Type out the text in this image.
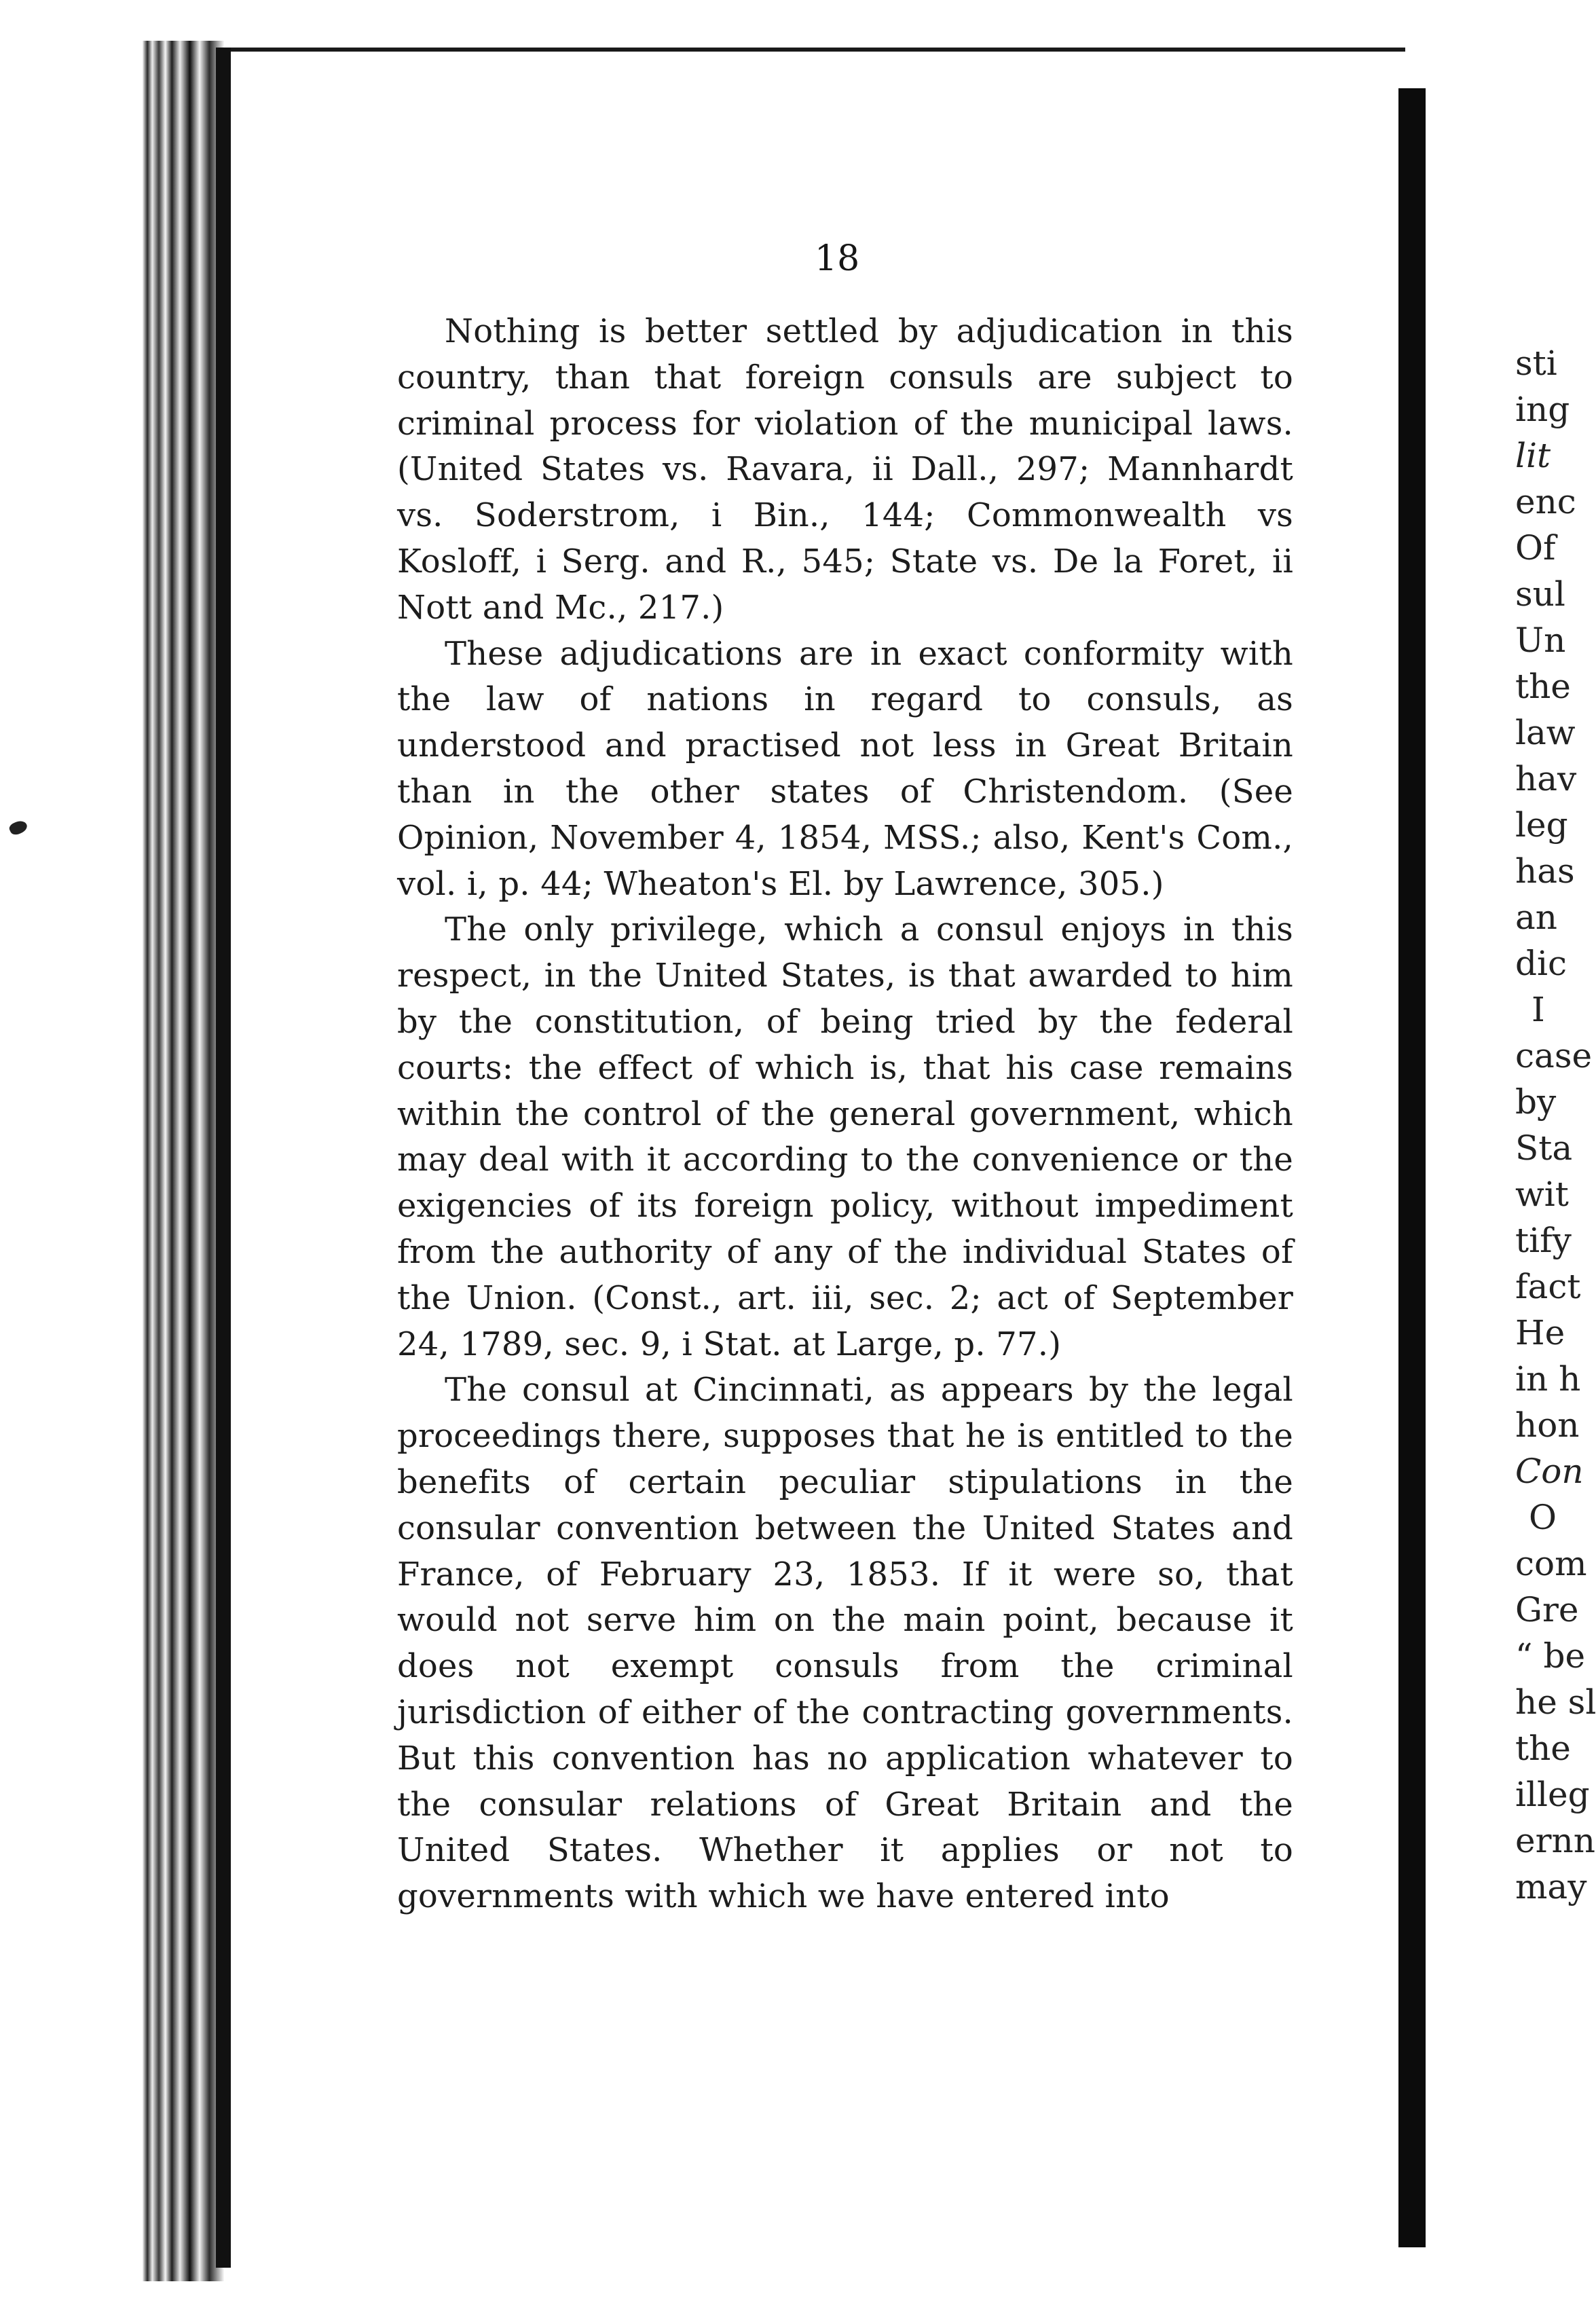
18

Nothing is better settled by adjudication in this country, than that foreign consuls are subject to criminal process for violation of the municipal laws. (United States vs. Ravara, ii Dall., 297; Mannhardt vs. Soderstrom, i Bin., 144; Commonwealth vs Kosloff, i Serg. and R., 545; State vs. De la Foret, ii Nott and Mc., 217.)

These adjudications are in exact conformity with the law of nations in regard to consuls, as understood and practised not less in Great Britain than in the other states of Christendom. (See Opinion, November 4, 1854, MSS.; also, Kent's Com., vol. i, p. 44; Wheaton's El. by Lawrence, 305.)

The only privilege, which a consul enjoys in this respect, in the United States, is that awarded to him by the constitution, of being tried by the federal courts: the effect of which is, that his case remains within the control of the general government, which may deal with it according to the convenience or the exigencies of its foreign policy, without impediment from the authority of any of the individual States of the Union. (Const., art. iii, sec. 2; act of September 24, 1789, sec. 9, i Stat. at Large, p. 77.)

The consul at Cincinnati, as appears by the legal proceedings there, supposes that he is entitled to the benefits of certain peculiar stipulations in the consular convention between the United States and France, of February 23, 1853. If it were so, that would not serve him on the main point, because it does not exempt consuls from the criminal jurisdiction of either of the contracting governments. But this convention has no application whatever to the consular relations of Great Britain and the United States. Whether it applies or not to governments with which we have entered into

sti

ing

lit

enc

Of

sul

Un

the

law

hav

leg

has

an

dic

I

case

by

Sta

wit

tify

fact

He

in h

hon

Con

O

com

Gre

“ be

he sl

the

illeg

ernn

may
